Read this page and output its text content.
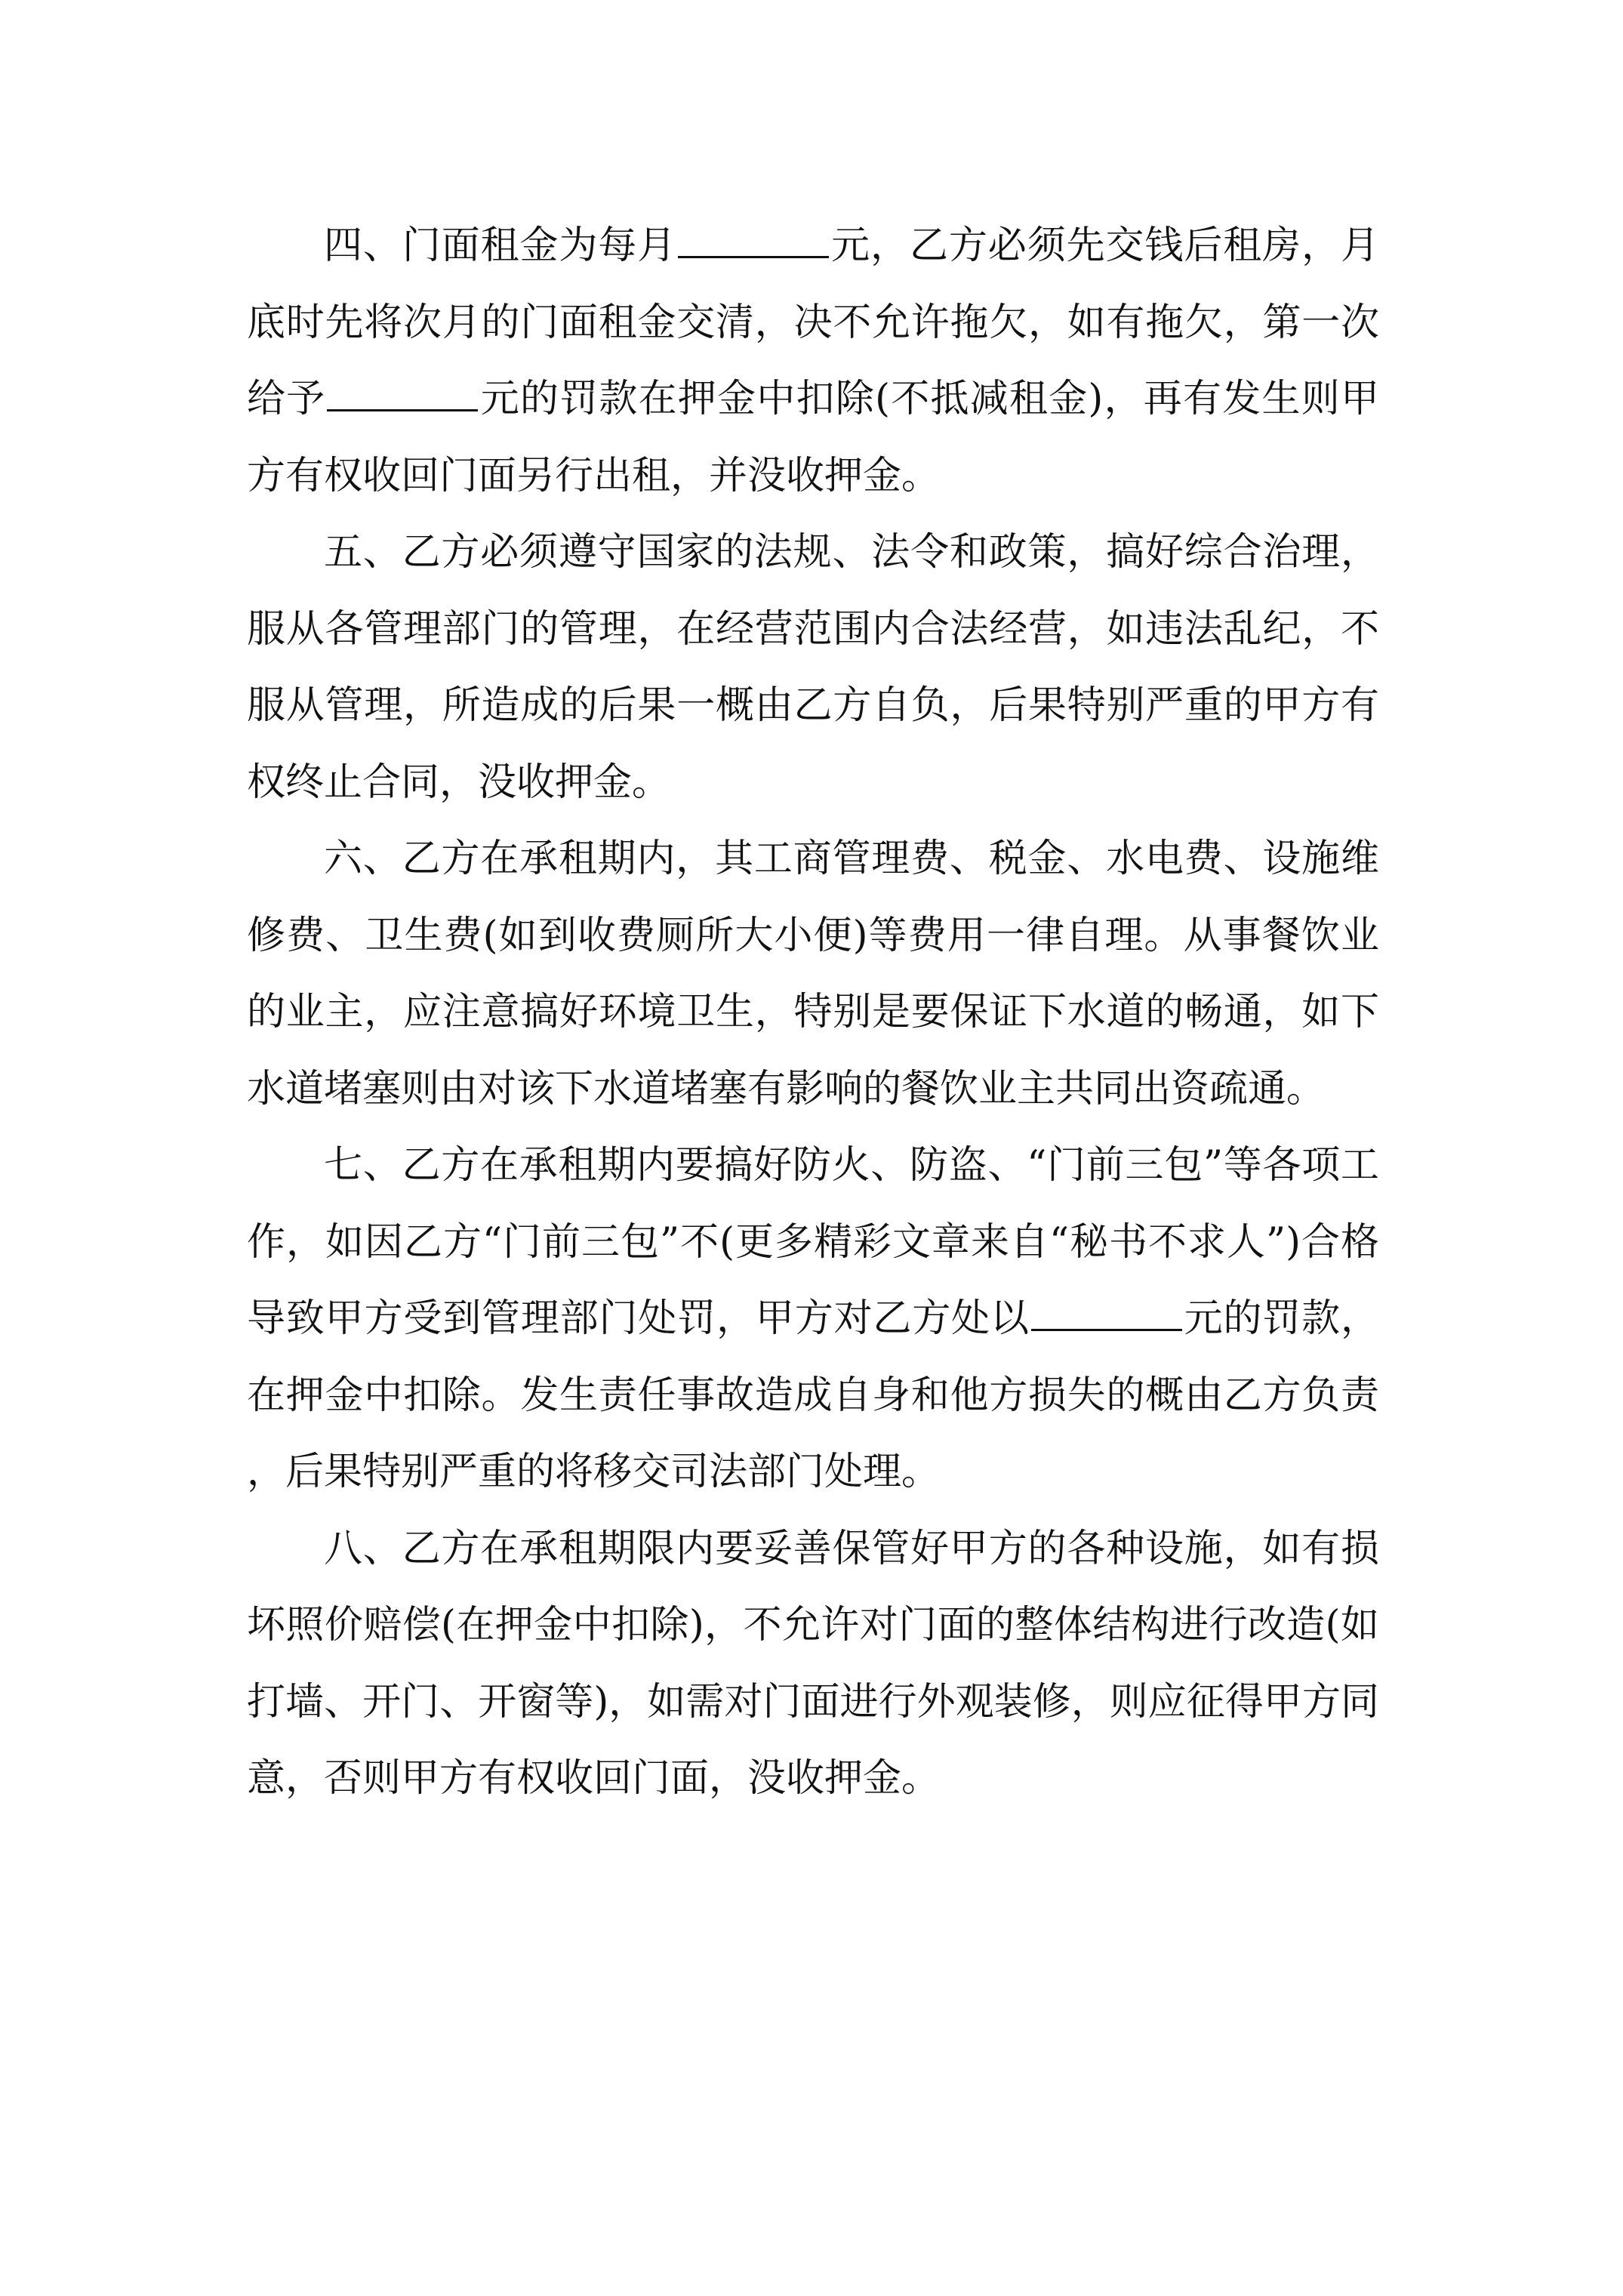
四、门面租金为每月	元，乙方必须先交钱后租房，月底时先将次月的门面租金交清，决不允许拖欠，如有拖欠，第一次给予	元的罚款在押金中扣除(不抵减租金)，再有发生则甲方有权收回门面另行出租，并没收押金。

五、乙方必须遵守国家的法规、法令和政策，搞好综合治理，服从各管理部门的管理，在经营范围内合法经营，如违法乱纪，不服从管理，所造成的后果一概由乙方自负，后果特别严重的甲方有权终止合同，没收押金。

六、乙方在承租期内，其工商管理费、税金、水电费、设施维修费、卫生费(如到收费厕所大小便)等费用一律自理。从事餐饮业的业主，应注意搞好环境卫生，特别是要保证下水道的畅通，如下水道堵塞则由对该下水道堵塞有影响的餐饮业主共同出资疏通。

七、乙方在承租期内要搞好防火、防盗、“门前三包”等各项工作，如因乙方“门前三包”不(更多精彩文章来自“秘书不求人”)合格导致甲方受到管理部门处罚，甲方对乙方处以	元的罚款，在押金中扣除。发生责任事故造成自身和他方损失的概由乙方负责，后果特别严重的将移交司法部门处理。

八、乙方在承租期限内要妥善保管好甲方的各种设施，如有损坏照价赔偿(在押金中扣除)，不允许对门面的整体结构进行改造(如打墙、开门、开窗等)，如需对门面进行外观装修，则应征得甲方同意，否则甲方有权收回门面，没收押金。
